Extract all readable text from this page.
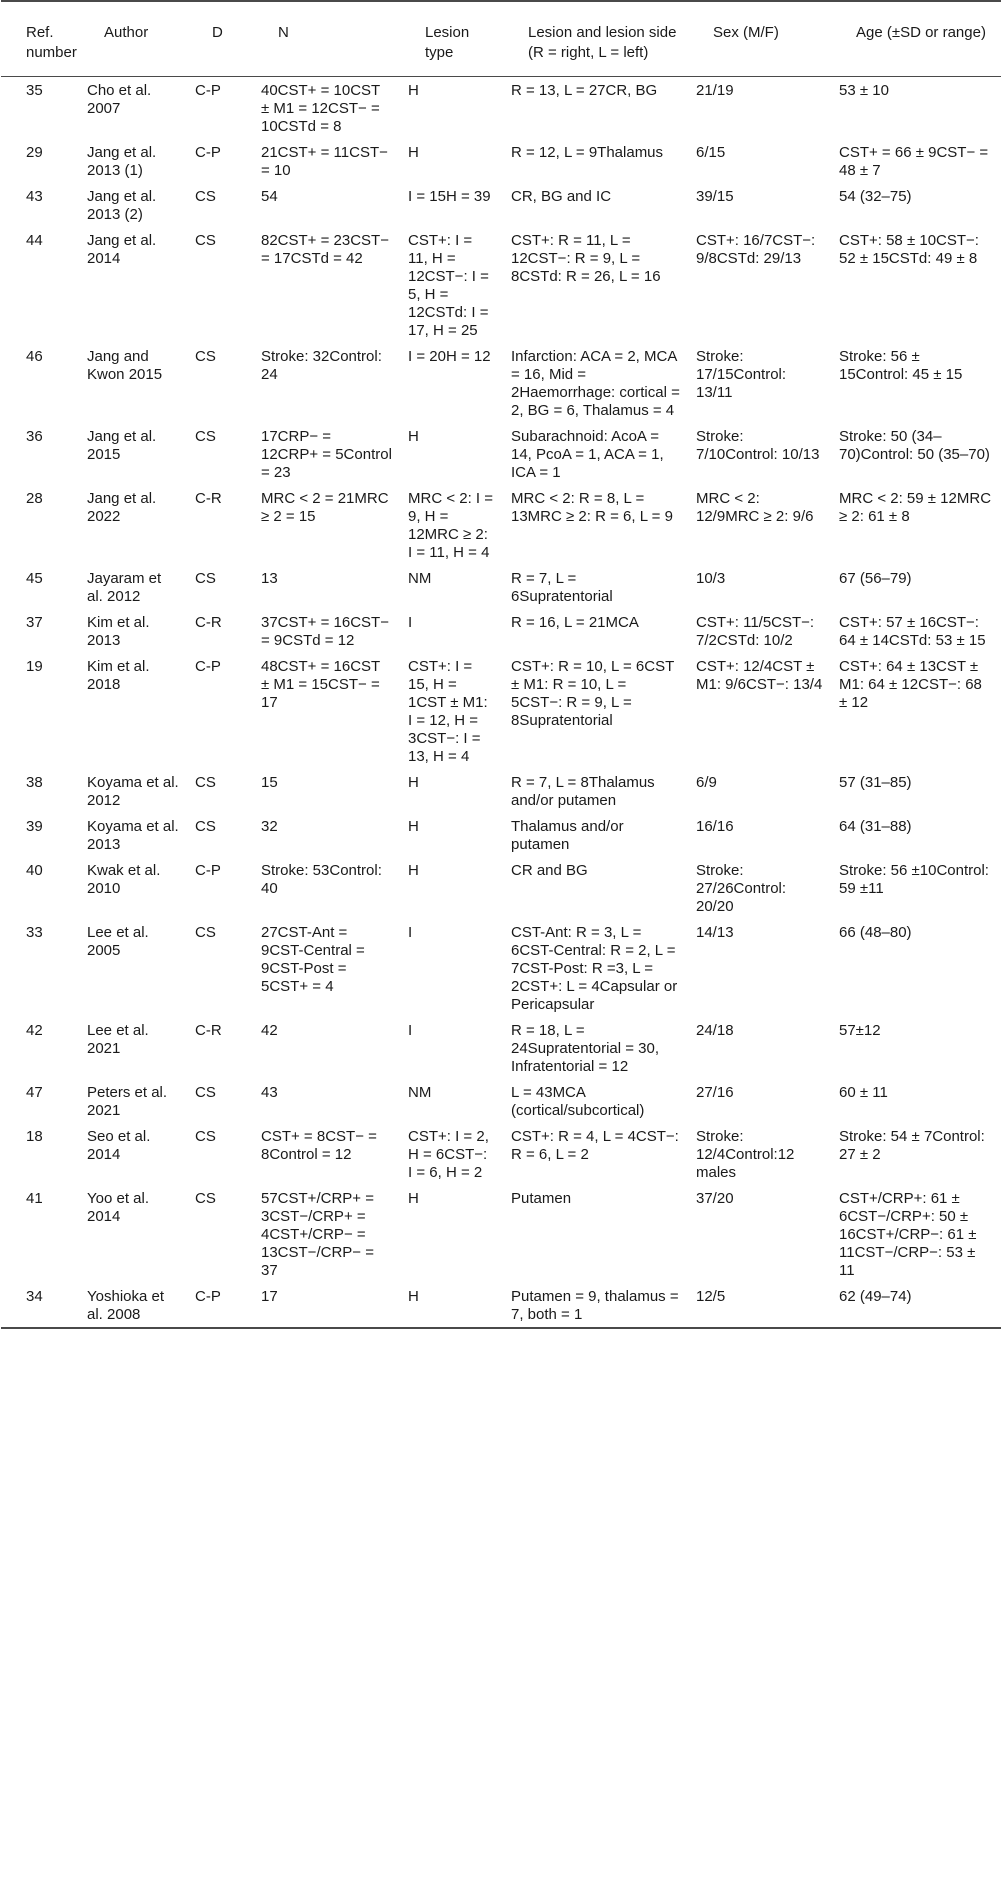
Ref. number	Author	D	N	Lesion type	Lesion and lesion side (R = right, L = left)	Sex (M/F)	Age (±SD or range)
35	Cho et al. 2007	C-P	40CST+ = 10CST ± M1 = 12CST− = 10CSTd = 8	H	R = 13, L = 27CR, BG	21/19	53 ± 10
29	Jang et al. 2013 (1)	C-P	21CST+ = 11CST− = 10	H	R = 12, L = 9Thalamus	6/15	CST+ = 66 ± 9CST− = 48 ± 7
43	Jang et al. 2013 (2)	CS	54	I = 15H = 39	CR, BG and IC	39/15	54 (32–75)
44	Jang et al. 2014	CS	82CST+ = 23CST− = 17CSTd = 42	CST+: I = 11, H = 12CST−: I = 5, H = 12CSTd: I = 17, H = 25	CST+: R = 11, L = 12CST−: R = 9, L = 8CSTd: R = 26, L = 16	CST+: 16/7CST−: 9/8CSTd: 29/13	CST+: 58 ± 10CST−: 52 ± 15CSTd: 49 ± 8
46	Jang and Kwon 2015	CS	Stroke: 32Control: 24	I = 20H = 12	Infarction: ACA = 2, MCA = 16, Mid = 2Haemorrhage: cortical = 2, BG = 6, Thalamus = 4	Stroke: 17/15Control: 13/11	Stroke: 56 ± 15Control: 45 ± 15
36	Jang et al. 2015	CS	17CRP− = 12CRP+ = 5Control = 23	H	Subarachnoid: AcoA = 14, PcoA = 1, ACA = 1, ICA = 1	Stroke: 7/10Control: 10/13	Stroke: 50 (34–70)Control: 50 (35–70)
28	Jang et al. 2022	C-R	MRC < 2 = 21MRC ≥ 2 = 15	MRC < 2: I = 9, H = 12MRC ≥ 2: I = 11, H = 4	MRC < 2: R = 8, L = 13MRC ≥ 2: R = 6, L = 9	MRC < 2: 12/9MRC ≥ 2: 9/6	MRC < 2: 59 ± 12MRC ≥ 2: 61 ± 8
45	Jayaram et al. 2012	CS	13	NM	R = 7, L = 6Supratentorial	10/3	67 (56–79)
37	Kim et al. 2013	C-R	37CST+ = 16CST− = 9CSTd = 12	I	R = 16, L = 21MCA	CST+: 11/5CST−: 7/2CSTd: 10/2	CST+: 57 ± 16CST−: 64 ± 14CSTd: 53 ± 15
19	Kim et al. 2018	C-P	48CST+ = 16CST ± M1 = 15CST− = 17	CST+: I = 15, H = 1CST ± M1: I = 12, H = 3CST−: I = 13, H = 4	CST+: R = 10, L = 6CST ± M1: R = 10, L = 5CST−: R = 9, L = 8Supratentorial	CST+: 12/4CST ± M1: 9/6CST−: 13/4	CST+: 64 ± 13CST ± M1: 64 ± 12CST−: 68 ± 12
38	Koyama et al. 2012	CS	15	H	R = 7, L = 8Thalamus and/or putamen	6/9	57 (31–85)
39	Koyama et al. 2013	CS	32	H	Thalamus and/or putamen	16/16	64 (31–88)
40	Kwak et al. 2010	C-P	Stroke: 53Control: 40	H	CR and BG	Stroke: 27/26Control: 20/20	Stroke: 56 ±10Control: 59 ±11
33	Lee et al. 2005	CS	27CST-Ant = 9CST-Central = 9CST-Post = 5CST+ = 4	I	CST-Ant: R = 3, L = 6CST-Central: R = 2, L = 7CST-Post: R =3, L = 2CST+: L = 4Capsular or Pericapsular	14/13	66 (48–80)
42	Lee et al. 2021	C-R	42	I	R = 18, L = 24Supratentorial = 30, Infratentorial = 12	24/18	57±12
47	Peters et al. 2021	CS	43	NM	L = 43MCA (cortical/subcortical)	27/16	60 ± 11
18	Seo et al. 2014	CS	CST+ = 8CST− = 8Control = 12	CST+: I = 2, H = 6CST−: I = 6, H = 2	CST+: R = 4, L = 4CST−: R = 6, L = 2	Stroke: 12/4Control:12 males	Stroke: 54 ± 7Control: 27 ± 2
41	Yoo et al. 2014	CS	57CST+/CRP+ = 3CST−/CRP+ = 4CST+/CRP− = 13CST−/CRP− = 37	H	Putamen	37/20	CST+/CRP+: 61 ± 6CST−/CRP+: 50 ± 16CST+/CRP−: 61 ± 11CST−/CRP−: 53 ± 11
34	Yoshioka et al. 2008	C-P	17	H	Putamen = 9, thalamus = 7, both = 1	12/5	62 (49–74)
